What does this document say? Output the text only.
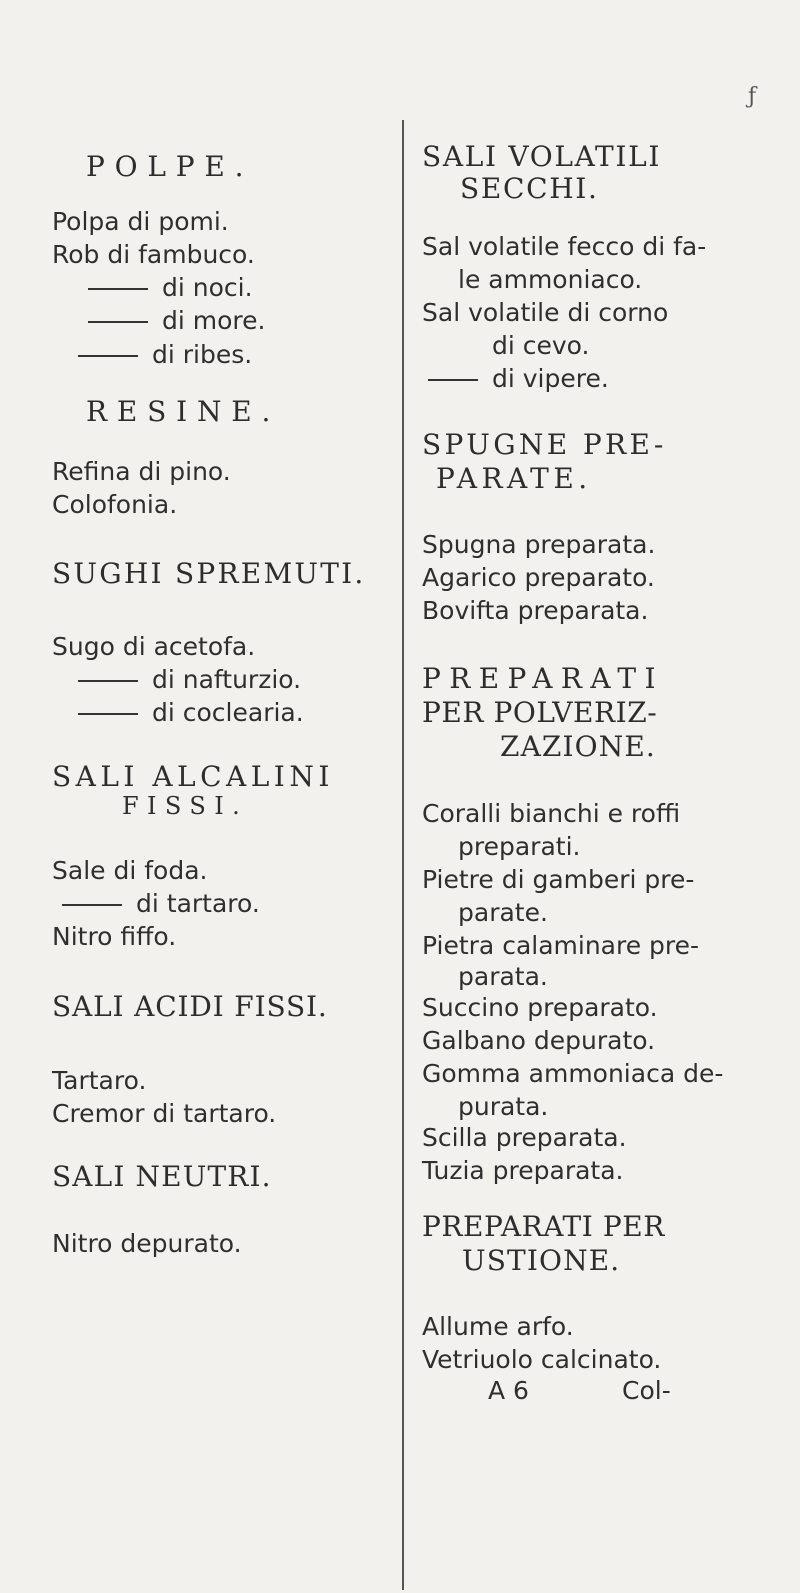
ƒ
POLPE.
Polpa di pomi.
Rob di fambuco.
di noci.
di more.
di ribes.
RESINE.
Refina di pino.
Colofonia.
SUGHI SPREMUTI.
Sugo di acetofa.
di nafturzio.
di coclearia.
SALI ALCALINI
FISSI.
Sale di foda.
di tartaro.
Nitro fiffo.
SALI ACIDI FISSI.
Tartaro.
Cremor di tartaro.
SALI NEUTRI.
Nitro depurato.
SALI VOLATILI
SECCHI.
Sal volatile fecco di fa-
le ammoniaco.
Sal volatile di corno
di cevo.
di vipere.
SPUGNE PRE-
PARATE.
Spugna preparata.
Agarico preparato.
Bovifta preparata.
PREPARATI
PER POLVERIZ-
ZAZIONE.
Coralli bianchi e roffi
preparati.
Pietre di gamberi pre-
parate.
Pietra calaminare pre-
parata.
Succino preparato.
Galbano depurato.
Gomma ammoniaca de-
purata.
Scilla preparata.
Tuzia preparata.
PREPARATI PER
USTIONE.
Allume arfo.
Vetriuolo calcinato.
A 6	Col-
